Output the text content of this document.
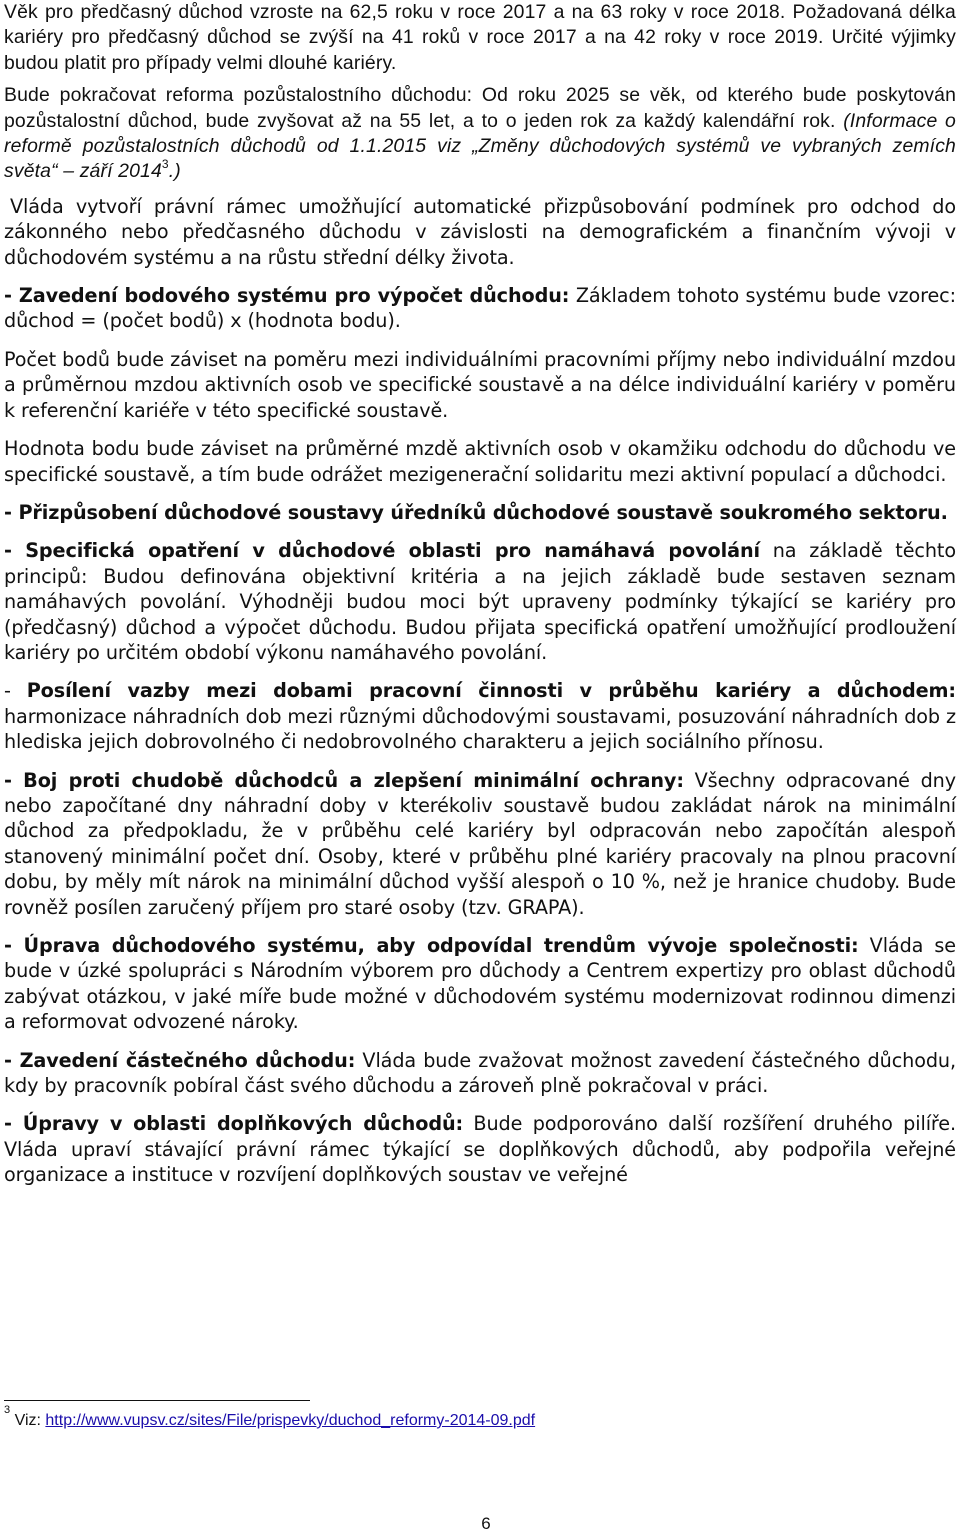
Věk pro předčasný důchod vzroste na 62,5 roku v roce 2017 a na 63 roky v roce 2018. Požadovaná délka kariéry pro předčasný důchod se zvýší na 41 roků v roce 2017 a na 42 roky v roce 2019. Určité výjimky budou platit pro případy velmi dlouhé kariéry.

Bude pokračovat reforma pozůstalostního důchodu: Od roku 2025 se věk, od kterého bude poskytován pozůstalostní důchod, bude zvyšovat až na 55 let, a to o jeden rok za každý kalendářní rok. (Informace o reformě pozůstalostních důchodů od 1.1.2015 viz „Změny důchodových systémů ve vybraných zemích světa“ – září 2014$^3$.)

Vláda vytvoří právní rámec umožňující automatické přizpůsobování podmínek pro odchod do zákonného nebo předčasného důchodu v závislosti na demografickém a finančním vývoji v důchodovém systému a na růstu střední délky života.

- Zavedení bodového systému pro výpočet důchodu: Základem tohoto systému bude vzorec: důchod = (počet bodů) x (hodnota bodu).

Počet bodů bude záviset na poměru mezi individuálními pracovními příjmy nebo individuální mzdou a průměrnou mzdou aktivních osob ve specifické soustavě a na délce individuální kariéry v poměru k referenční kariéře v této specifické soustavě.

Hodnota bodu bude záviset na průměrné mzdě aktivních osob v okamžiku odchodu do důchodu ve specifické soustavě, a tím bude odrážet mezigenerační solidaritu mezi aktivní populací a důchodci.

- Přizpůsobení důchodové soustavy úředníků důchodové soustavě soukromého sektoru.

- Specifická opatření v důchodové oblasti pro namáhavá povolání na základě těchto principů: Budou definována objektivní kritéria a na jejich základě bude sestaven seznam namáhavých povolání. Výhodněji budou moci být upraveny podmínky týkající se kariéry pro (předčasný) důchod a výpočet důchodu. Budou přijata specifická opatření umožňující prodloužení kariéry po určitém období výkonu namáhavého povolání.

- Posílení vazby mezi dobami pracovní činnosti v průběhu kariéry a důchodem: harmonizace náhradních dob mezi různými důchodovými soustavami, posuzování náhradních dob z hlediska jejich dobrovolného či nedobrovolného charakteru a jejich sociálního přínosu.

- Boj proti chudobě důchodců a zlepšení minimální ochrany: Všechny odpracované dny nebo započítané dny náhradní doby v kterékoliv soustavě budou zakládat nárok na minimální důchod za předpokladu, že v průběhu celé kariéry byl odpracován nebo započítán alespoň stanovený minimální počet dní. Osoby, které v průběhu plné kariéry pracovaly na plnou pracovní dobu, by měly mít nárok na minimální důchod vyšší alespoň o 10 %, než je hranice chudoby. Bude rovněž posílen zaručený příjem pro staré osoby (tzv. GRAPA).

- Úprava důchodového systému, aby odpovídal trendům vývoje společnosti: Vláda se bude v úzké spolupráci s Národním výborem pro důchody a Centrem expertizy pro oblast důchodů zabývat otázkou, v jaké míře bude možné v důchodovém systému modernizovat rodinnou dimenzi a reformovat odvozené nároky.

- Zavedení částečného důchodu: Vláda bude zvažovat možnost zavedení částečného důchodu, kdy by pracovník pobíral část svého důchodu a zároveň plně pokračoval v práci.

- Úpravy v oblasti doplňkových důchodů: Bude podporováno další rozšíření druhého pilíře. Vláda upraví stávající právní rámec týkající se doplňkových důchodů, aby podpořila veřejné organizace a instituce v rozvíjení doplňkových soustav ve veřejné

$^3$ Viz: http://www.vupsv.cz/sites/File/prispevky/duchod_reformy-2014-09.pdf
6
